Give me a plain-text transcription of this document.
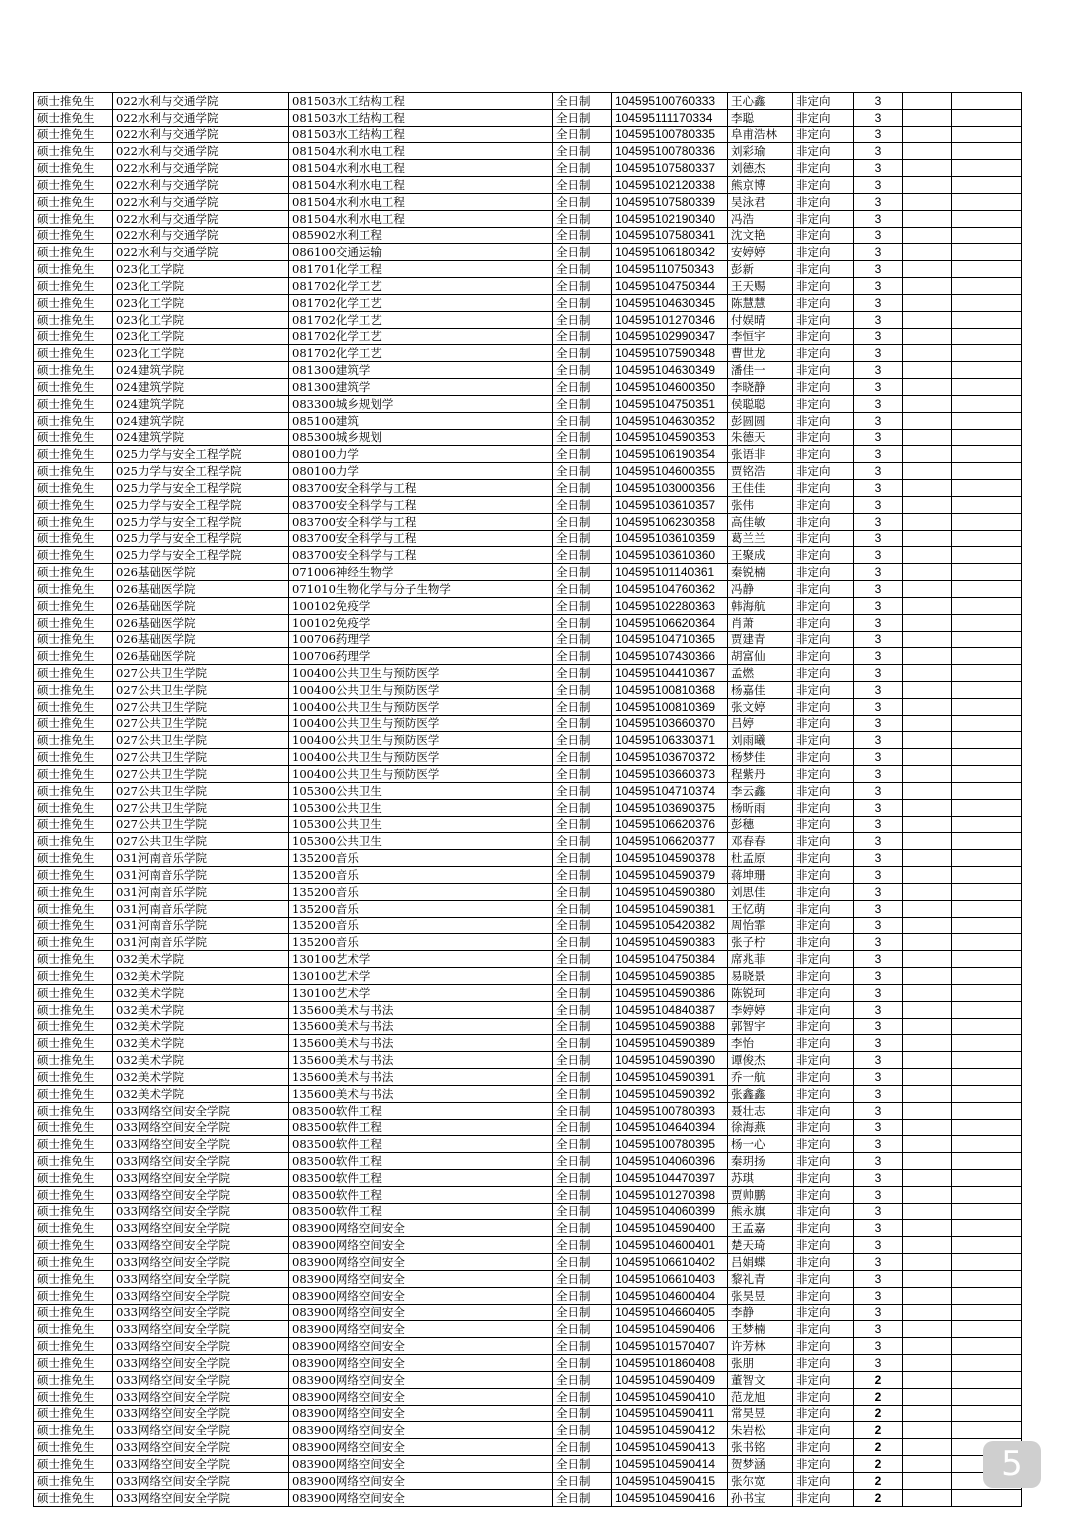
硕士推免生	022水利与交通学院	081503水工结构工程	全日制	104595100760333	王心鑫	非定向	3		
硕士推免生	022水利与交通学院	081503水工结构工程	全日制	104595111170334	李聪	非定向	3		
硕士推免生	022水利与交通学院	081503水工结构工程	全日制	104595100780335	阜甫浩林	非定向	3		
硕士推免生	022水利与交通学院	081504水利水电工程	全日制	104595100780336	刘彩瑜	非定向	3		
硕士推免生	022水利与交通学院	081504水利水电工程	全日制	104595107580337	刘德杰	非定向	3		
硕士推免生	022水利与交通学院	081504水利水电工程	全日制	104595102120338	熊京博	非定向	3		
硕士推免生	022水利与交通学院	081504水利水电工程	全日制	104595107580339	吴泳君	非定向	3		
硕士推免生	022水利与交通学院	081504水利水电工程	全日制	104595102190340	冯浩	非定向	3		
硕士推免生	022水利与交通学院	085902水利工程	全日制	104595107580341	沈文艳	非定向	3		
硕士推免生	022水利与交通学院	086100交通运输	全日制	104595106180342	安婷婷	非定向	3		
硕士推免生	023化工学院	081701化学工程	全日制	104595110750343	彭新	非定向	3		
硕士推免生	023化工学院	081702化学工艺	全日制	104595104750344	王天赐	非定向	3		
硕士推免生	023化工学院	081702化学工艺	全日制	104595104630345	陈慧慧	非定向	3		
硕士推免生	023化工学院	081702化学工艺	全日制	104595101270346	付娱晴	非定向	3		
硕士推免生	023化工学院	081702化学工艺	全日制	104595102990347	李恒宇	非定向	3		
硕士推免生	023化工学院	081702化学工艺	全日制	104595107590348	曹世龙	非定向	3		
硕士推免生	024建筑学院	081300建筑学	全日制	104595104630349	潘佳一	非定向	3		
硕士推免生	024建筑学院	081300建筑学	全日制	104595104600350	李晓静	非定向	3		
硕士推免生	024建筑学院	083300城乡规划学	全日制	104595104750351	侯聪聪	非定向	3		
硕士推免生	024建筑学院	085100建筑	全日制	104595104630352	彭圆圆	非定向	3		
硕士推免生	024建筑学院	085300城乡规划	全日制	104595104590353	朱德天	非定向	3		
硕士推免生	025力学与安全工程学院	080100力学	全日制	104595106190354	张语非	非定向	3		
硕士推免生	025力学与安全工程学院	080100力学	全日制	104595104600355	贾铭浩	非定向	3		
硕士推免生	025力学与安全工程学院	083700安全科学与工程	全日制	104595103000356	王佳佳	非定向	3		
硕士推免生	025力学与安全工程学院	083700安全科学与工程	全日制	104595103610357	张伟	非定向	3		
硕士推免生	025力学与安全工程学院	083700安全科学与工程	全日制	104595106230358	高佳敏	非定向	3		
硕士推免生	025力学与安全工程学院	083700安全科学与工程	全日制	104595103610359	葛兰兰	非定向	3		
硕士推免生	025力学与安全工程学院	083700安全科学与工程	全日制	104595103610360	王聚成	非定向	3		
硕士推免生	026基础医学院	071006神经生物学	全日制	104595101140361	秦锐楠	非定向	3		
硕士推免生	026基础医学院	071010生物化学与分子生物学	全日制	104595104760362	冯静	非定向	3		
硕士推免生	026基础医学院	100102免疫学	全日制	104595102280363	韩海航	非定向	3		
硕士推免生	026基础医学院	100102免疫学	全日制	104595106620364	肖萧	非定向	3		
硕士推免生	026基础医学院	100706药理学	全日制	104595104710365	贾建青	非定向	3		
硕士推免生	026基础医学院	100706药理学	全日制	104595107430366	胡富仙	非定向	3		
硕士推免生	027公共卫生学院	100400公共卫生与预防医学	全日制	104595104410367	孟燃	非定向	3		
硕士推免生	027公共卫生学院	100400公共卫生与预防医学	全日制	104595100810368	杨嘉佳	非定向	3		
硕士推免生	027公共卫生学院	100400公共卫生与预防医学	全日制	104595100810369	张文婷	非定向	3		
硕士推免生	027公共卫生学院	100400公共卫生与预防医学	全日制	104595103660370	吕婷	非定向	3		
硕士推免生	027公共卫生学院	100400公共卫生与预防医学	全日制	104595106330371	刘雨曦	非定向	3		
硕士推免生	027公共卫生学院	100400公共卫生与预防医学	全日制	104595103670372	杨梦佳	非定向	3		
硕士推免生	027公共卫生学院	100400公共卫生与预防医学	全日制	104595103660373	程紫丹	非定向	3		
硕士推免生	027公共卫生学院	105300公共卫生	全日制	104595104710374	李云鑫	非定向	3		
硕士推免生	027公共卫生学院	105300公共卫生	全日制	104595103690375	杨昕雨	非定向	3		
硕士推免生	027公共卫生学院	105300公共卫生	全日制	104595106620376	彭穗	非定向	3		
硕士推免生	027公共卫生学院	105300公共卫生	全日制	104595106620377	邓春春	非定向	3		
硕士推免生	031河南音乐学院	135200音乐	全日制	104595104590378	杜孟原	非定向	3		
硕士推免生	031河南音乐学院	135200音乐	全日制	104595104590379	蒋坤珊	非定向	3		
硕士推免生	031河南音乐学院	135200音乐	全日制	104595104590380	刘思佳	非定向	3		
硕士推免生	031河南音乐学院	135200音乐	全日制	104595104590381	王忆萌	非定向	3		
硕士推免生	031河南音乐学院	135200音乐	全日制	104595105420382	周怡霏	非定向	3		
硕士推免生	031河南音乐学院	135200音乐	全日制	104595104590383	张子柠	非定向	3		
硕士推免生	032美术学院	130100艺术学	全日制	104595104750384	席兆菲	非定向	3		
硕士推免生	032美术学院	130100艺术学	全日制	104595104590385	易晓景	非定向	3		
硕士推免生	032美术学院	130100艺术学	全日制	104595104590386	陈锐珂	非定向	3		
硕士推免生	032美术学院	135600美术与书法	全日制	104595104840387	李婷婷	非定向	3		
硕士推免生	032美术学院	135600美术与书法	全日制	104595104590388	郭智宇	非定向	3		
硕士推免生	032美术学院	135600美术与书法	全日制	104595104590389	李怡	非定向	3		
硕士推免生	032美术学院	135600美术与书法	全日制	104595104590390	谭俊杰	非定向	3		
硕士推免生	032美术学院	135600美术与书法	全日制	104595104590391	乔一航	非定向	3		
硕士推免生	032美术学院	135600美术与书法	全日制	104595104590392	张鑫鑫	非定向	3		
硕士推免生	033网络空间安全学院	083500软件工程	全日制	104595100780393	聂壮志	非定向	3		
硕士推免生	033网络空间安全学院	083500软件工程	全日制	104595104640394	徐海燕	非定向	3		
硕士推免生	033网络空间安全学院	083500软件工程	全日制	104595100780395	杨一心	非定向	3		
硕士推免生	033网络空间安全学院	083500软件工程	全日制	104595104060396	秦玥扬	非定向	3		
硕士推免生	033网络空间安全学院	083500软件工程	全日制	104595104470397	苏琪	非定向	3		
硕士推免生	033网络空间安全学院	083500软件工程	全日制	104595101270398	贾帅鹏	非定向	3		
硕士推免生	033网络空间安全学院	083500软件工程	全日制	104595104060399	熊永旗	非定向	3		
硕士推免生	033网络空间安全学院	083900网络空间安全	全日制	104595104590400	王孟嘉	非定向	3		
硕士推免生	033网络空间安全学院	083900网络空间安全	全日制	104595104600401	楚天琦	非定向	3		
硕士推免生	033网络空间安全学院	083900网络空间安全	全日制	104595106610402	吕娟蝶	非定向	3		
硕士推免生	033网络空间安全学院	083900网络空间安全	全日制	104595106610403	黎礼青	非定向	3		
硕士推免生	033网络空间安全学院	083900网络空间安全	全日制	104595104600404	张昊昱	非定向	3		
硕士推免生	033网络空间安全学院	083900网络空间安全	全日制	104595104660405	李静	非定向	3		
硕士推免生	033网络空间安全学院	083900网络空间安全	全日制	104595104590406	王梦楠	非定向	3		
硕士推免生	033网络空间安全学院	083900网络空间安全	全日制	104595101570407	许芳林	非定向	3		
硕士推免生	033网络空间安全学院	083900网络空间安全	全日制	104595101860408	张朋	非定向	3		
硕士推免生	033网络空间安全学院	083900网络空间安全	全日制	104595104590409	董智文	非定向	2		
硕士推免生	033网络空间安全学院	083900网络空间安全	全日制	104595104590410	范龙旭	非定向	2		
硕士推免生	033网络空间安全学院	083900网络空间安全	全日制	104595104590411	常昊昱	非定向	2		
硕士推免生	033网络空间安全学院	083900网络空间安全	全日制	104595104590412	朱岩松	非定向	2		
硕士推免生	033网络空间安全学院	083900网络空间安全	全日制	104595104590413	张书铭	非定向	2		
硕士推免生	033网络空间安全学院	083900网络空间安全	全日制	104595104590414	贺梦涵	非定向	2		
硕士推免生	033网络空间安全学院	083900网络空间安全	全日制	104595104590415	张尔宽	非定向	2		
硕士推免生	033网络空间安全学院	083900网络空间安全	全日制	104595104590416	孙书宝	非定向	2		
5
